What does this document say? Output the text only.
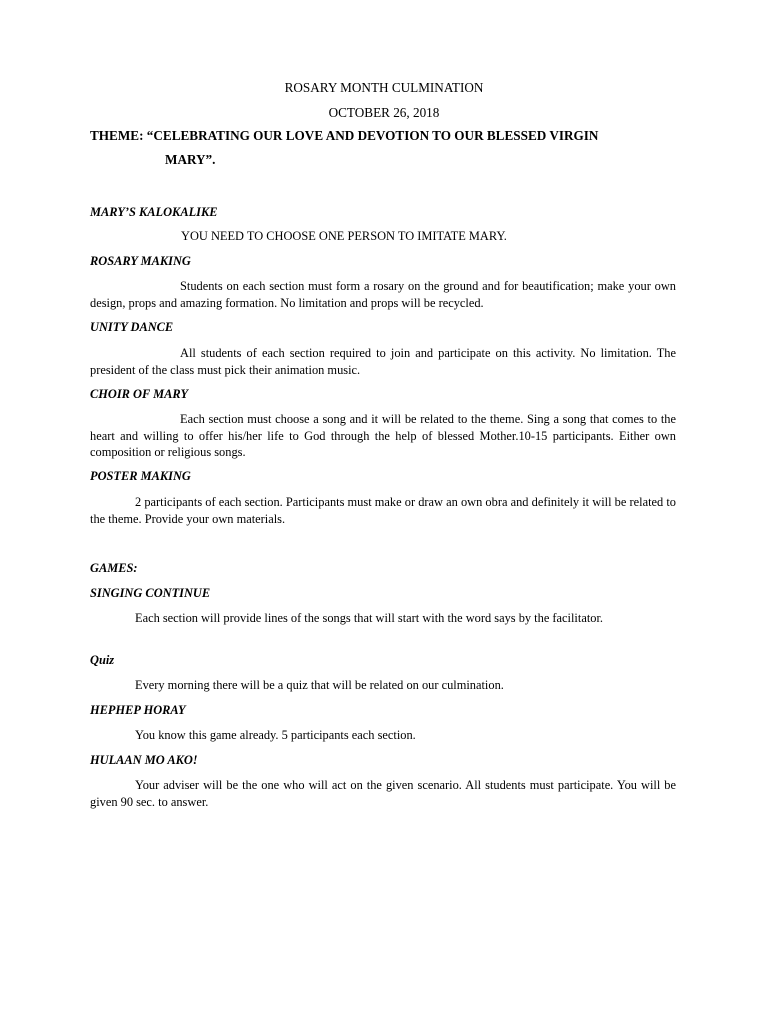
ROSARY MONTH CULMINATION
OCTOBER 26, 2018
THEME: “CELEBRATING OUR LOVE AND DEVOTION TO OUR BLESSED VIRGIN
MARY”.
MARY’S KALOKALIKE
YOU NEED TO CHOOSE ONE PERSON TO IMITATE MARY.
ROSARY MAKING
Students on each section must form a rosary on the ground and for beautification; make your own design, props and amazing formation. No limitation and props will be recycled.
UNITY DANCE
All students of each section required to join and participate on this activity. No limitation. The president of the class must pick their animation music.
CHOIR OF MARY
Each section must choose a song and it will be related to the theme. Sing a song that comes to the heart and willing to offer his/her life to God through the help of blessed Mother.10-15 participants. Either own composition or religious songs.
POSTER MAKING
2 participants of each section. Participants must make or draw an own obra and definitely it will be related to the theme. Provide your own materials.
GAMES:
SINGING CONTINUE
Each section will provide lines of the songs that will start with the word says by the facilitator.
Quiz
Every morning there will be a quiz that will be related on our culmination.
HEPHEP HORAY
You know this game already. 5 participants each section.
HULAAN MO AKO!
Your adviser will be the one who will act on the given scenario. All students must participate. You will be given 90 sec. to answer.
